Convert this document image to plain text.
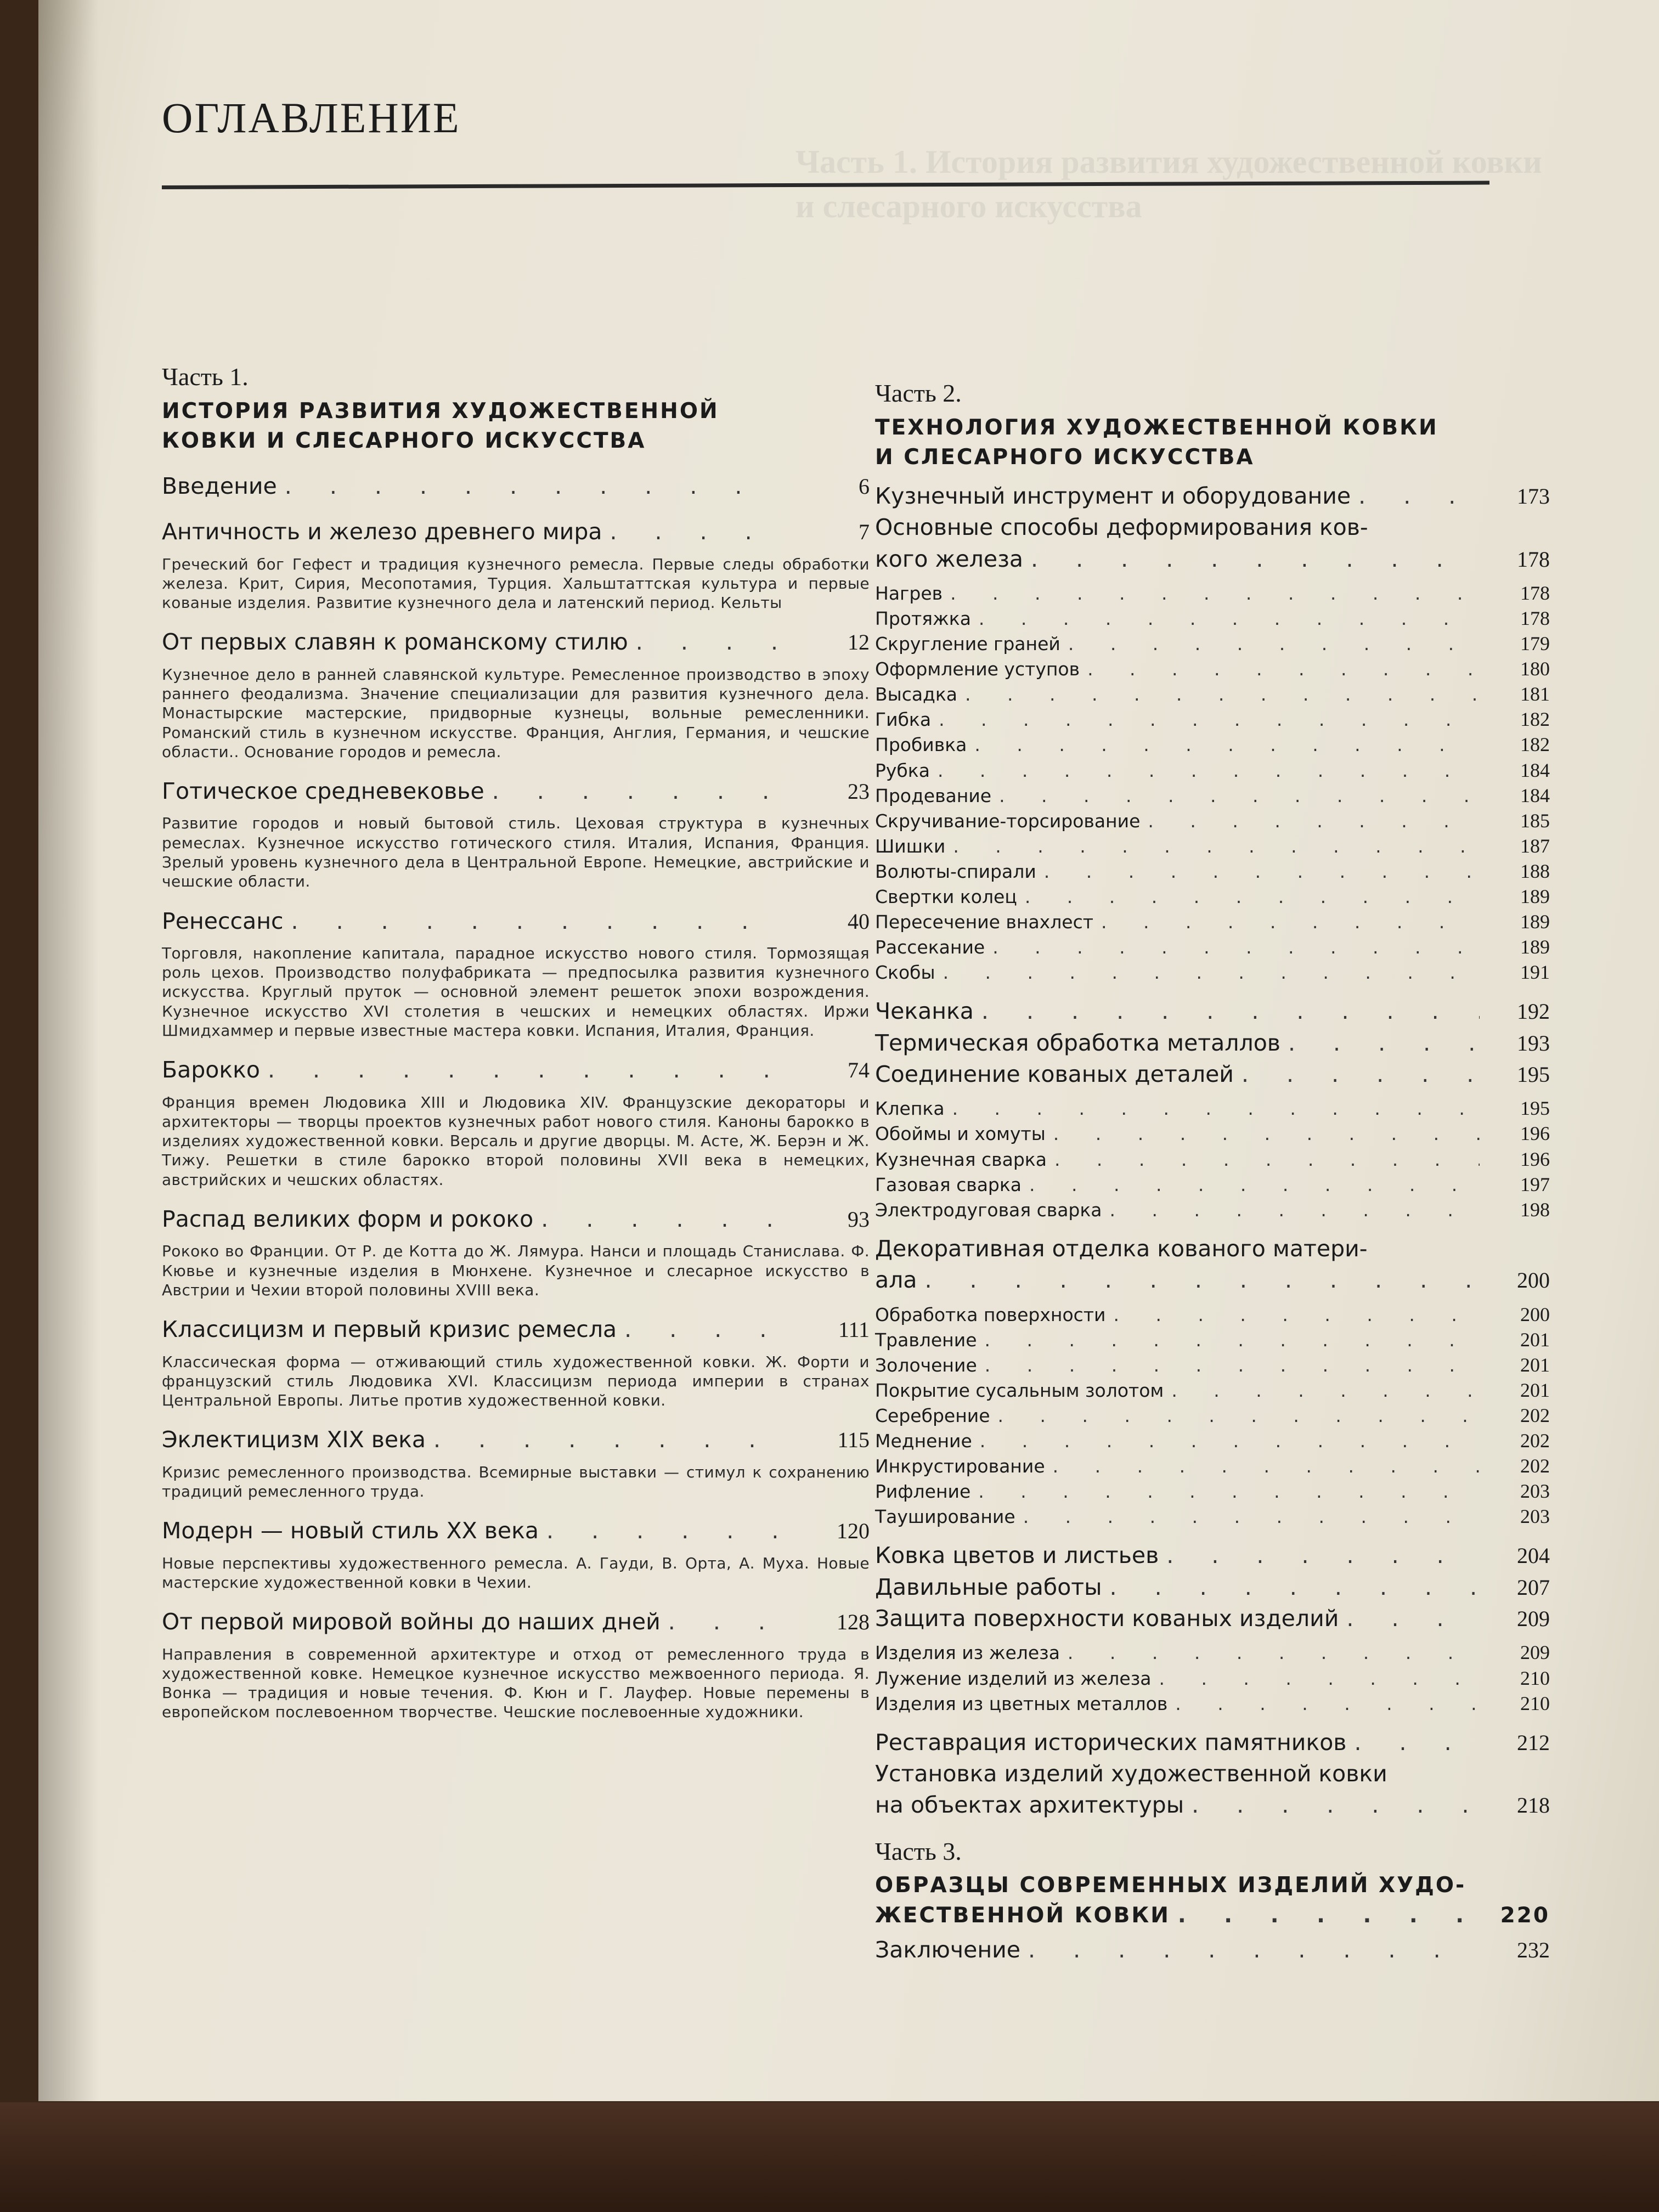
Часть 1. История развития художественной ковки
и слесарного искусства
ОГЛАВЛЕНИЕ
Часть 1.
ИСТОРИЯ РАЗВИТИЯ ХУДОЖЕСТВЕННОЙ
КОВКИ И СЛЕСАРНОГО ИСКУССТВА
Введение . . .	6
Античность и железо древнего мира . . .	7
Греческий бог Гефест и традиция кузнечного ремесла. Первые следы обработки железа. Крит, Сирия, Месопотамия, Турция. Хальштаттская культура и первые кованые изделия. Развитие кузнечного дела и латенский период. Кельты
От первых славян к романскому стилю . . .	12
Кузнечное дело в ранней славянской культуре. Ремесленное производство в эпоху раннего феодализма. Значение специализации для развития кузнечного дела. Монастырские мастерские, придворные кузнецы, вольные ремесленники. Романский стиль в кузнечном искусстве. Франция, Англия, Германия, и чешские области.. Основание городов и ремесла.
Готическое средневековье . . .	23
Развитие городов и новый бытовой стиль. Цеховая структура в кузнечных ремеслах. Кузнечное искусство готического стиля. Италия, Испания, Франция. Зрелый уровень кузнечного дела в Центральной Европе. Немецкие, австрийские и чешские области.
Ренессанс . . .	40
Торговля, накопление капитала, парадное искусство нового стиля. Тормозящая роль цехов. Производство полуфабриката — предпосылка развития кузнечного искусства. Круглый пруток — основной элемент решеток эпохи возрождения. Кузнечное искусство XVI столетия в чешских и немецких областях. Иржи Шмидхаммер и первые известные мастера ковки. Испания, Италия, Франция.
Барокко . . .	74
Франция времен Людовика XIII и Людовика XIV. Французские декораторы и архитекторы — творцы проектов кузнечных работ нового стиля. Каноны барокко в изделиях художественной ковки. Версаль и другие дворцы. М. Асте, Ж. Берэн и Ж. Тижу. Решетки в стиле барокко второй половины XVII века в немецких, австрийских и чешских областях.
Распад великих форм и рококо . . .	93
Рококо во Франции. От Р. де Котта до Ж. Лямура. Нанси и площадь Станислава. Ф. Кювье и кузнечные изделия в Мюнхене. Кузнечное и слесарное искусство в Австрии и Чехии второй половины XVIII века.
Классицизм и первый кризис ремесла . . .	111
Классическая форма — отживающий стиль художественной ковки. Ж. Форти и французский стиль Людовика XVI. Классицизм периода империи в странах Центральной Европы. Литье против художественной ковки.
Эклектицизм XIX века . . .	115
Кризис ремесленного производства. Всемирные выставки — стимул к сохранению традиций ремесленного труда.
Модерн — новый стиль XX века . . .	120
Новые перспективы художественного ремесла. А. Гауди, В. Орта, А. Муха. Новые мастерские художественной ковки в Чехии.
От первой мировой войны до наших дней . . .	128
Направления в современной архитектуре и отход от ремесленного труда в художественной ковке. Немецкое кузнечное искусство межвоенного периода. Я. Вонка — традиция и новые течения. Ф. Кюн и Г. Лауфер. Новые перемены в европейском послевоенном творчестве. Чешские послевоенные художники.
Часть 2.
ТЕХНОЛОГИЯ ХУДОЖЕСТВЕННОЙ КОВКИ
И СЛЕСАРНОГО ИСКУССТВА
Кузнечный инструмент и оборудование . . .	173
Основные способы деформирования ков-
кого железа . . .	178
Нагрев . . .	178
Протяжка . . .	178
Скругление граней . . .	179
Оформление уступов . . .	180
Высадка . . .	181
Гибка . . .	182
Пробивка . . .	182
Рубка . . .	184
Продевание . . .	184
Скручивание-торсирование . . .	185
Шишки . . .	187
Волюты-спирали . . .	188
Свертки колец . . .	189
Пересечение внахлест . . .	189
Рассекание . . .	189
Скобы . . .	191
Чеканка . . .	192
Термическая обработка металлов . . .	193
Соединение кованых деталей . . .	195
Клепка . . .	195
Обоймы и хомуты . . .	196
Кузнечная сварка . . .	196
Газовая сварка . . .	197
Электродуговая сварка . . .	198
Декоративная отделка кованого матери-
ала . . .	200
Обработка поверхности . . .	200
Травление . . .	201
Золочение . . .	201
Покрытие сусальным золотом . . .	201
Серебрение . . .	202
Меднение . . .	202
Инкрустирование . . .	202
Рифление . . .	203
Таушированиe . . .	203
Ковка цветов и листьев . . .	204
Давильные работы . . .	207
Защита поверхности кованых изделий . . .	209
Изделия из железа . . .	209
Лужение изделий из железа . . .	210
Изделия из цветных металлов . . .	210
Реставрация исторических памятников . . .	212
Установка изделий художественной ковки
на объектах архитектуры . . .	218
Часть 3.
ОБРАЗЦЫ СОВРЕМЕННЫХ ИЗДЕЛИЙ ХУДО-
ЖЕСТВЕННОЙ КОВКИ . . .	220
Заключение . . .	232
